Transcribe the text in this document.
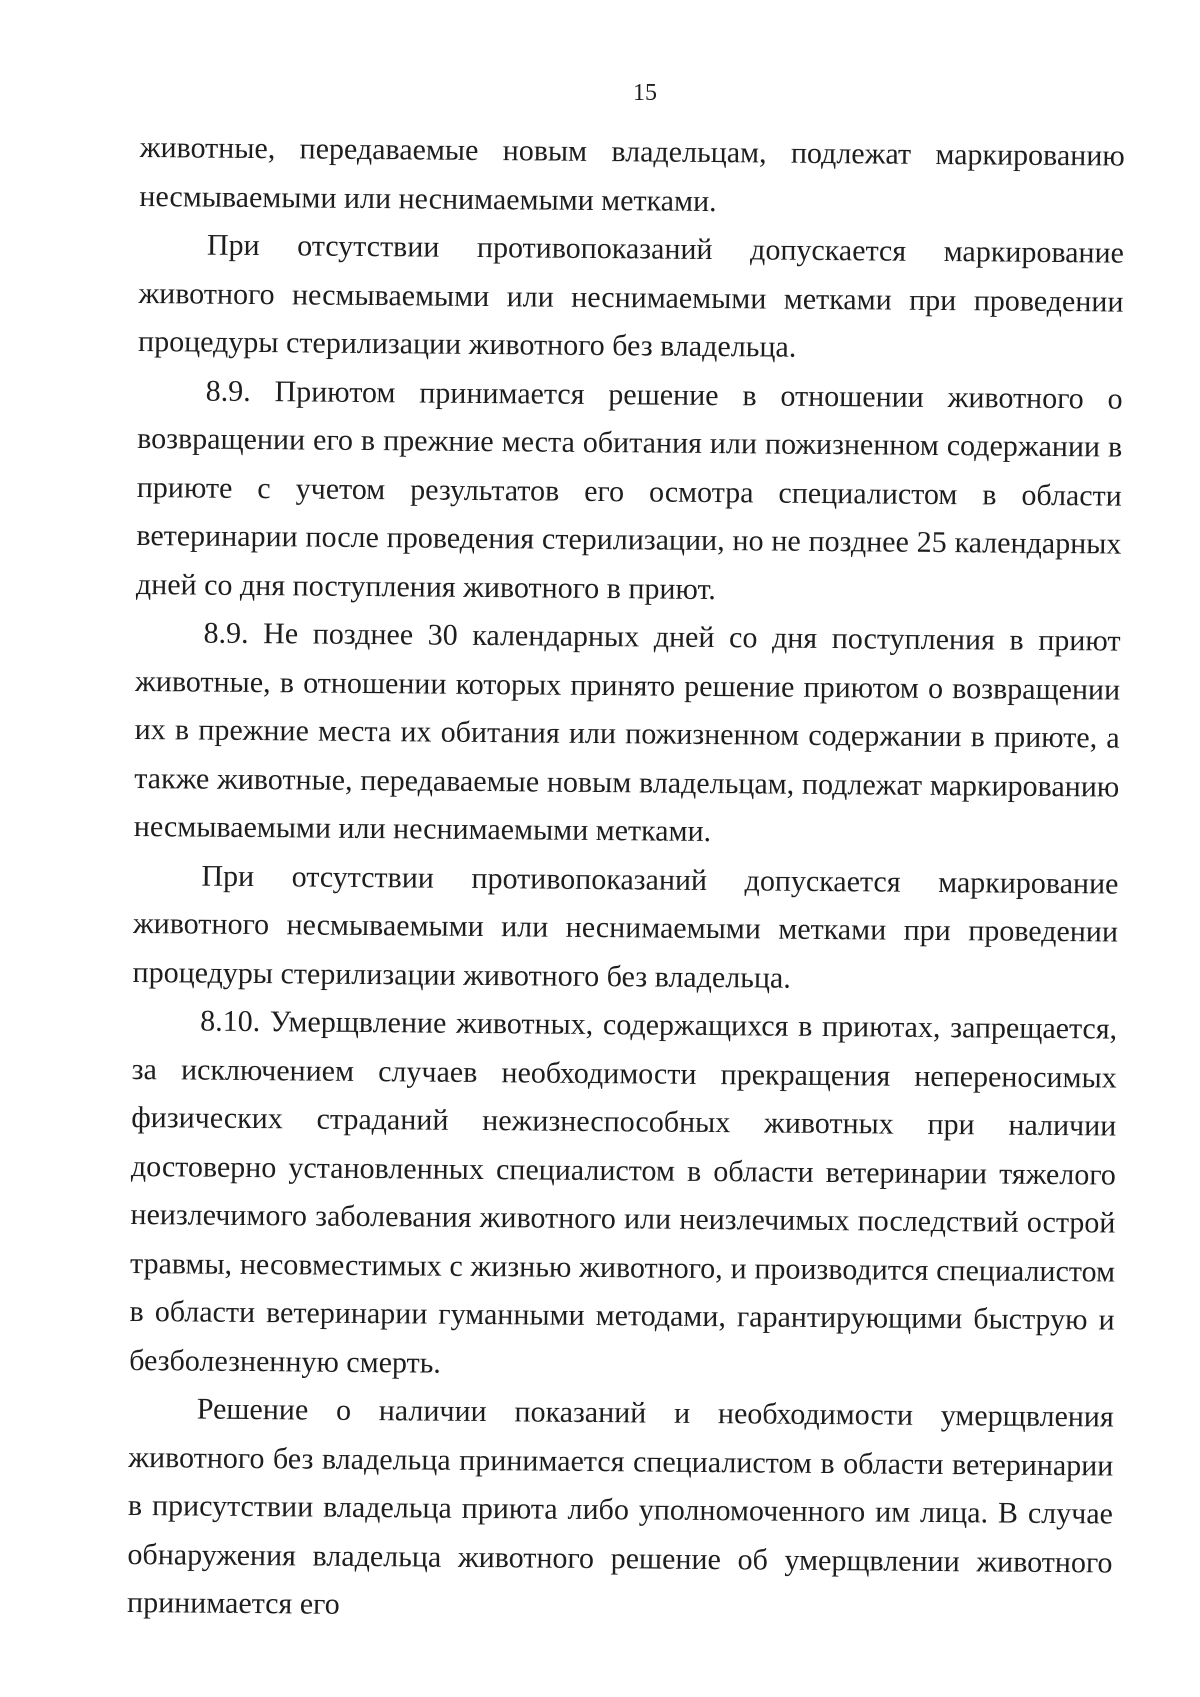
15

животные, передаваемые новым владельцам, подлежат маркированию несмываемыми или неснимаемыми метками.

При отсутствии противопоказаний допускается маркирование животного несмываемыми или неснимаемыми метками при проведении процедуры стерилизации животного без владельца.

8.9. Приютом принимается решение в отношении животного о возвращении его в прежние места обитания или пожизненном содержании в приюте с учетом результатов его осмотра специалистом в области ветеринарии после проведения стерилизации, но не позднее 25 календарных дней со дня поступления животного в приют.

8.9. Не позднее 30 календарных дней со дня поступления в приют животные, в отношении которых принято решение приютом о возвращении их в прежние места их обитания или пожизненном содержании в приюте, а также животные, передаваемые новым владельцам, подлежат маркированию несмываемыми или неснимаемыми метками.

При отсутствии противопоказаний допускается маркирование животного несмываемыми или неснимаемыми метками при проведении процедуры стерилизации животного без владельца.

8.10. Умерщвление животных, содержащихся в приютах, запрещается, за исключением случаев необходимости прекращения непереносимых физических страданий нежизнеспособных животных при наличии достоверно установленных специалистом в области ветеринарии тяжелого неизлечимого заболевания животного или неизлечимых последствий острой травмы, несовместимых с жизнью животного, и производится специалистом в области ветеринарии гуманными методами, гарантирующими быструю и безболезненную смерть.

Решение о наличии показаний и необходимости умерщвления животного без владельца принимается специалистом в области ветеринарии в присутствии владельца приюта либо уполномоченного им лица. В случае обнаружения владельца животного решение об умерщвлении животного принимается его
